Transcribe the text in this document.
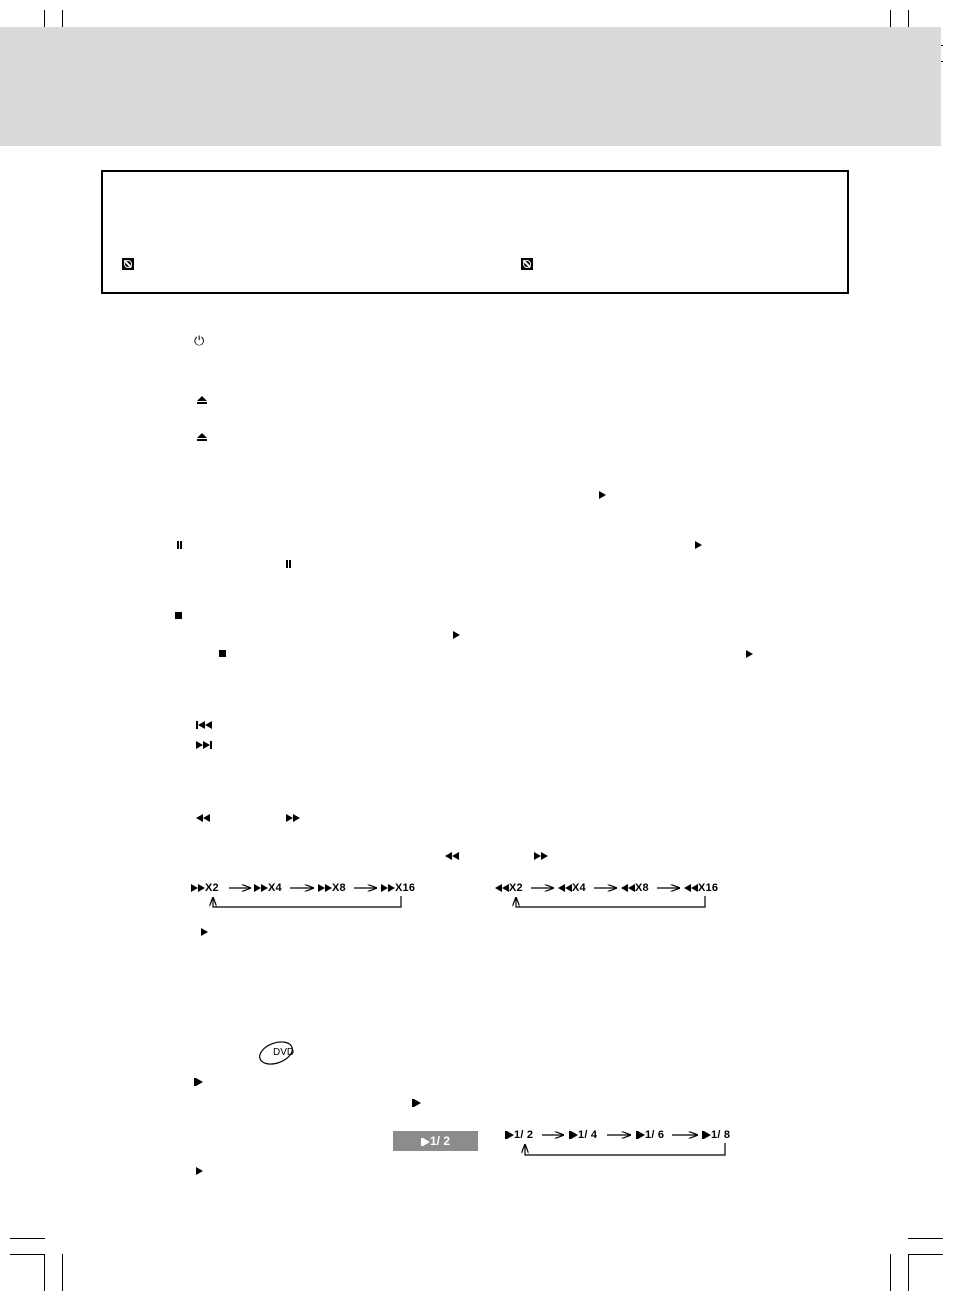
⏻

X2	X4	X8	X16	X2	X4	X8	X16
DVD
1/ 2	1/ 2	1/ 4	1/ 6	1/ 8
